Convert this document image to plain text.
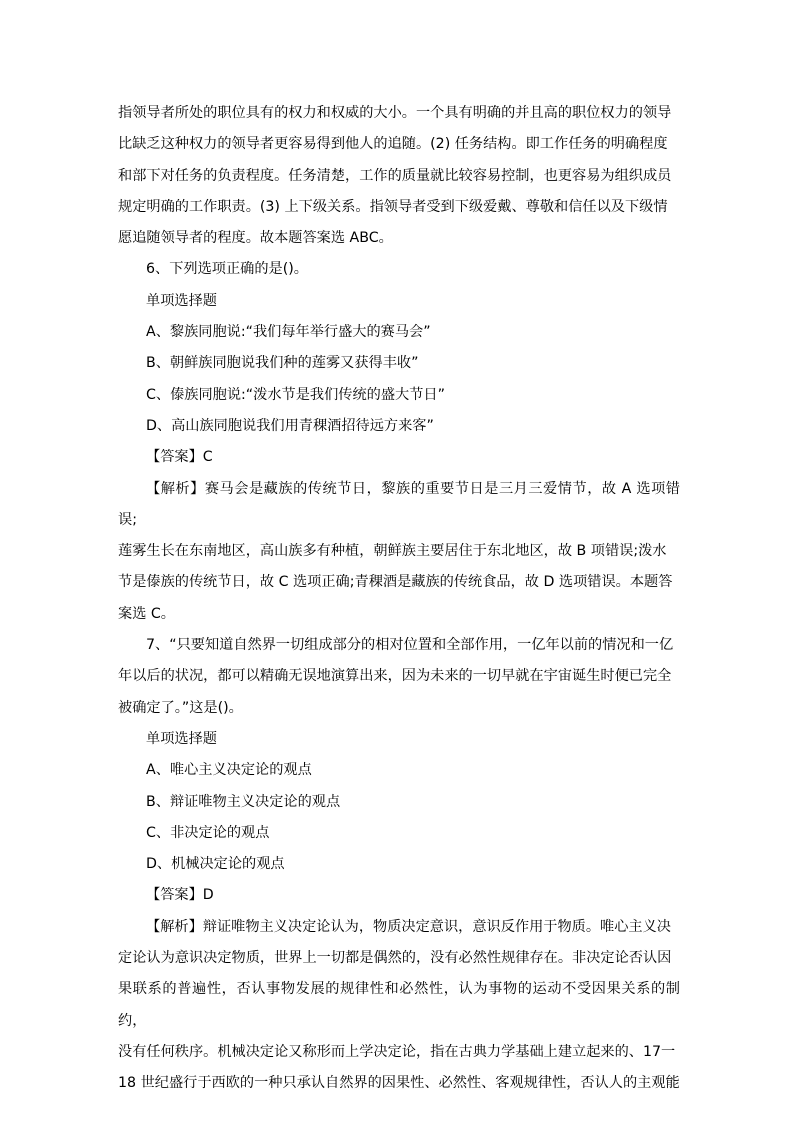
指领导者所处的职位具有的权力和权威的大小。一个具有明确的并且高的职位权力的领导

比缺乏这种权力的领导者更容易得到他人的追随。(2) 任务结构。即工作任务的明确程度

和部下对任务的负责程度。任务清楚，工作的质量就比较容易控制，也更容易为组织成员

规定明确的工作职责。(3) 上下级关系。指领导者受到下级爱戴、尊敬和信任以及下级情

愿追随领导者的程度。故本题答案选 ABC。

6、下列选项正确的是()。

单项选择题

A、黎族同胞说:“我们每年举行盛大的赛马会”

B、朝鲜族同胞说我们种的莲雾又获得丰收”

C、傣族同胞说:“泼水节是我们传统的盛大节日”

D、高山族同胞说我们用青稞酒招待远方来客”

【答案】C

【解析】赛马会是藏族的传统节日，黎族的重要节日是三月三爱情节，故 A 选项错误;

莲雾生长在东南地区，高山族多有种植，朝鲜族主要居住于东北地区，故 B 项错误;泼水

节是傣族的传统节日，故 C 选项正确;青稞酒是藏族的传统食品，故 D 选项错误。本题答

案选 C。

7、“只要知道自然界一切组成部分的相对位置和全部作用，一亿年以前的情况和一亿

年以后的状况，都可以精确无误地演算出来，因为未来的一切早就在宇宙诞生时便已完全

被确定了。”这是()。

单项选择题

A、唯心主义决定论的观点

B、辩证唯物主义决定论的观点

C、非决定论的观点

D、机械决定论的观点

【答案】D

【解析】辩证唯物主义决定论认为，物质决定意识，意识反作用于物质。唯心主义决

定论认为意识决定物质，世界上一切都是偶然的，没有必然性规律存在。非决定论否认因

果联系的普遍性，否认事物发展的规律性和必然性，认为事物的运动不受因果关系的制约，

没有任何秩序。机械决定论又称形而上学决定论，指在古典力学基础上建立起来的、17一

18 世纪盛行于西欧的一种只承认自然界的因果性、必然性、客观规律性，否认人的主观能
